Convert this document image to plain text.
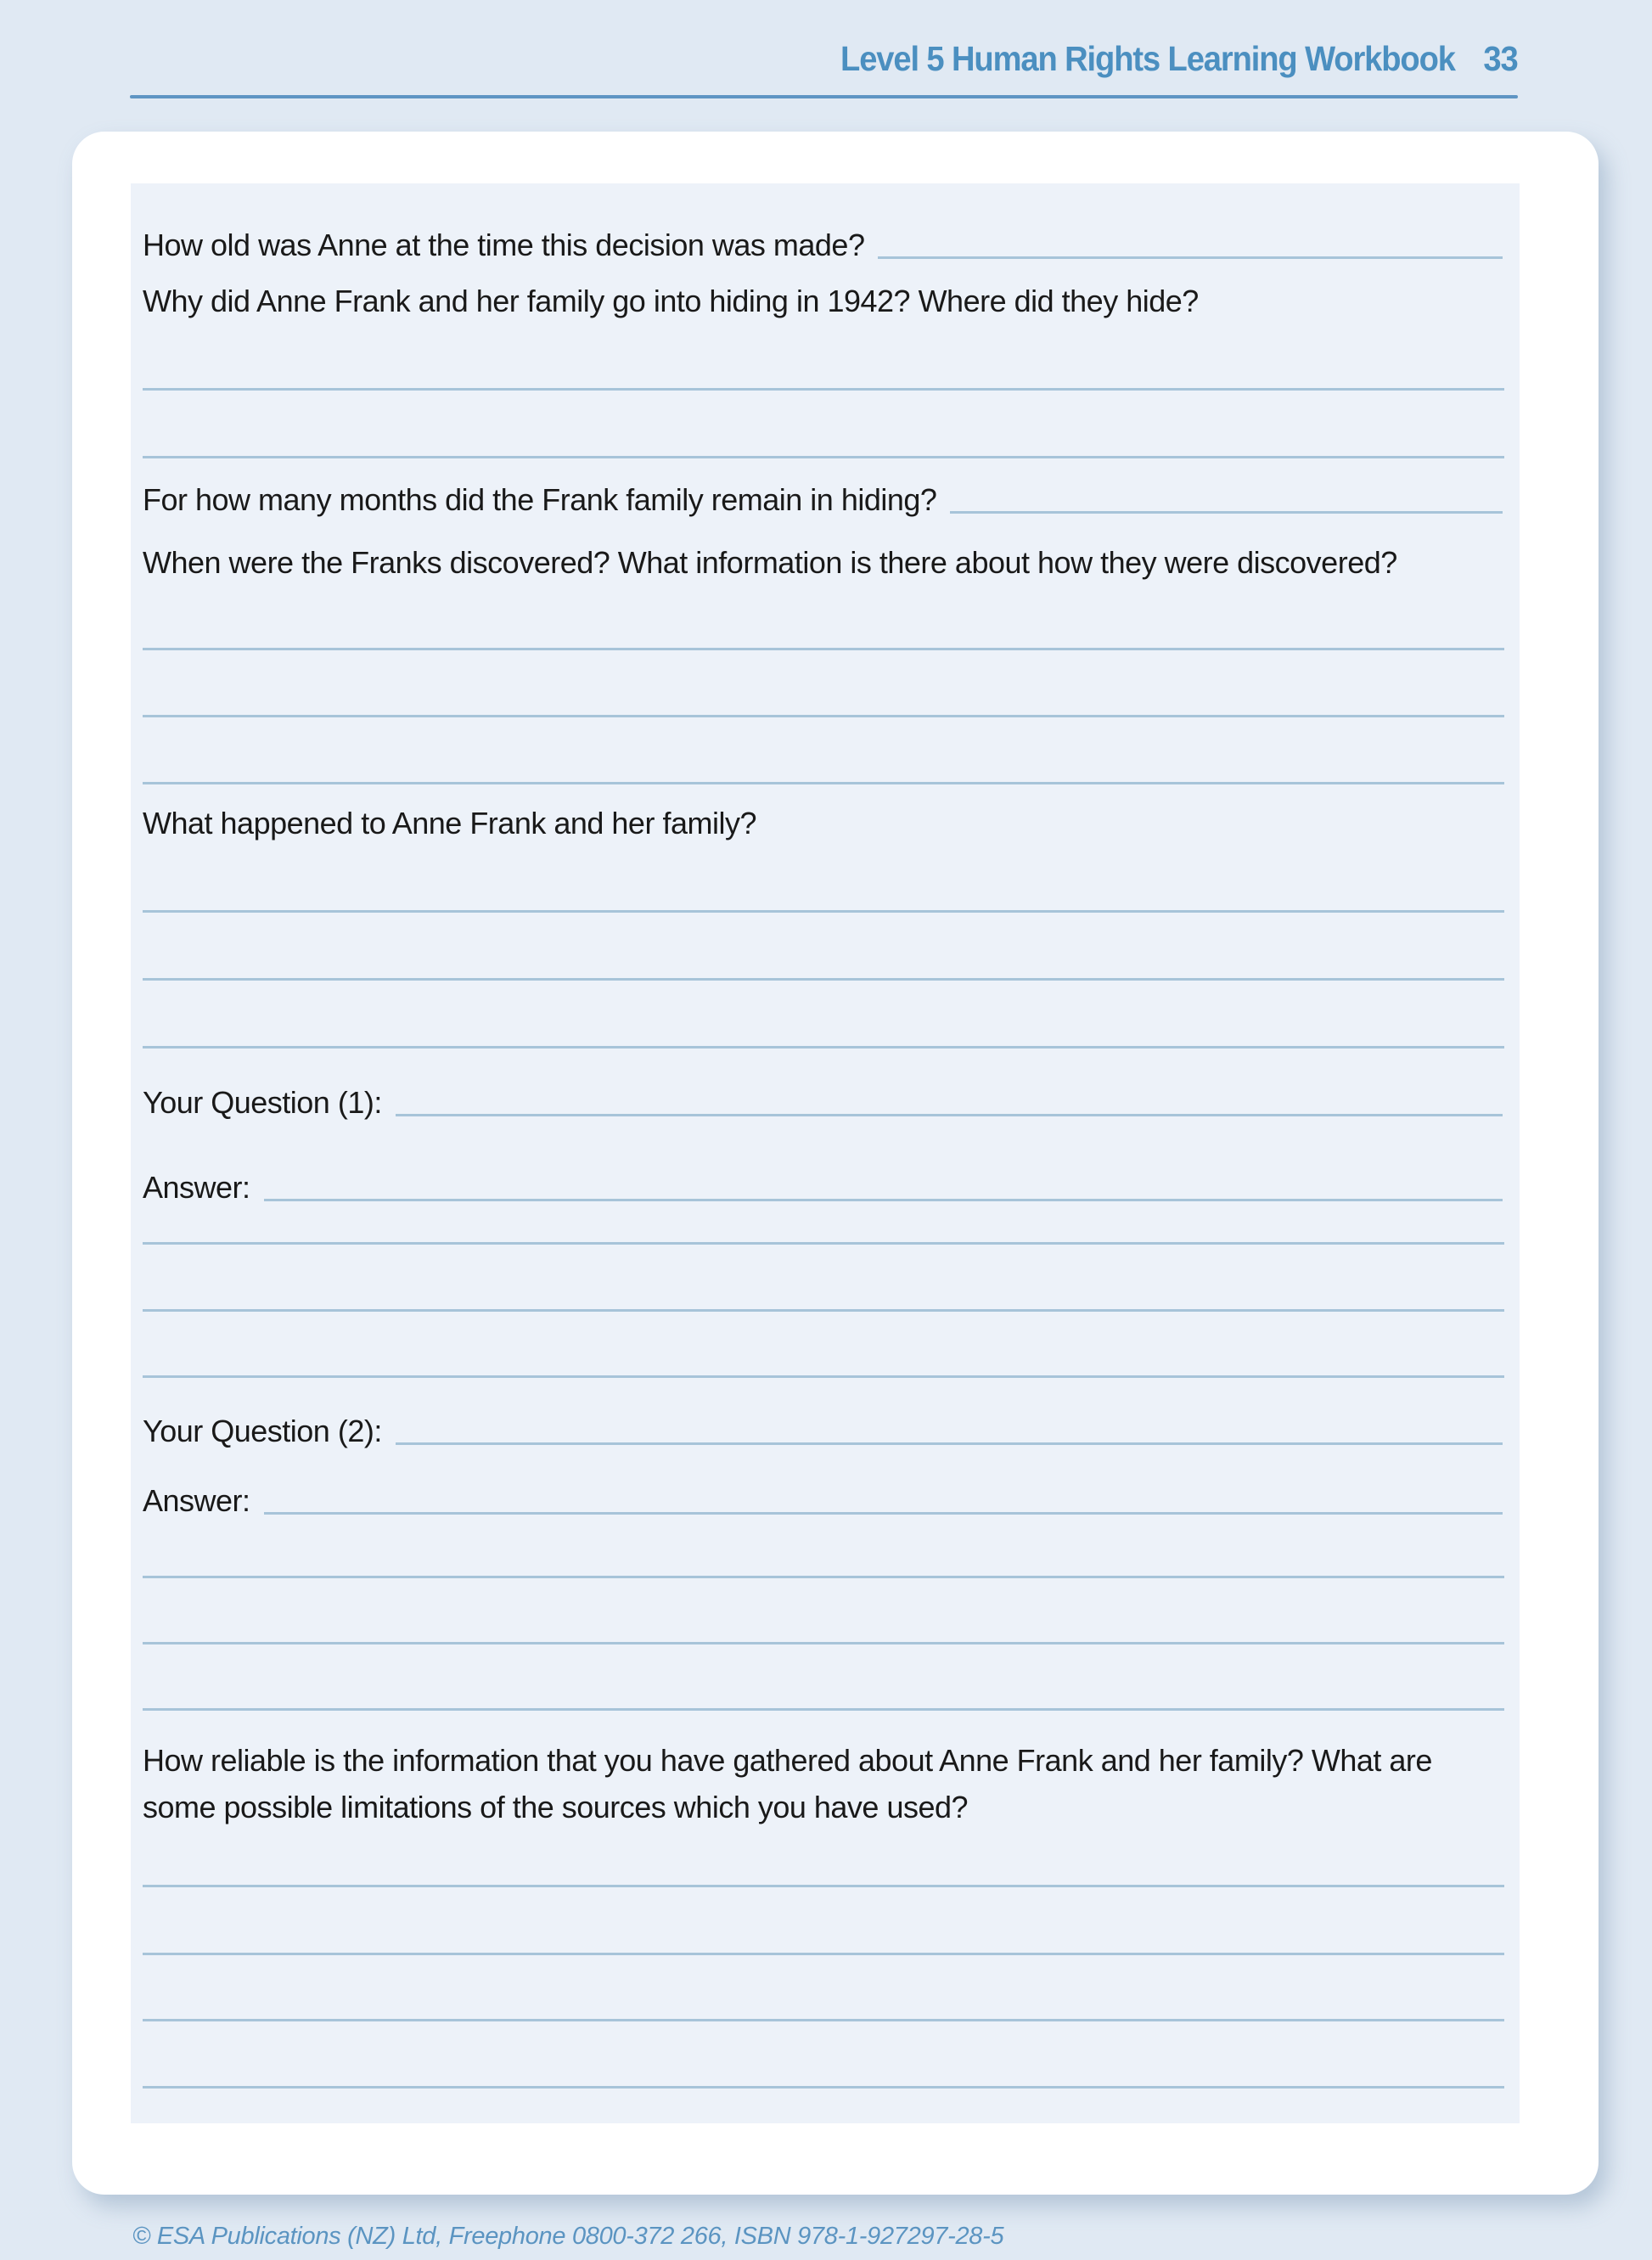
Level 5 Human Rights Learning Workbook 33
How old was Anne at the time this decision was made?
Why did Anne Frank and her family go into hiding in 1942? Where did they hide?
For how many months did the Frank family remain in hiding?
When were the Franks discovered? What information is there about how they were discovered?
What happened to Anne Frank and her family?
Your Question (1):
Answer:
Your Question (2):
Answer:
How reliable is the information that you have gathered about Anne Frank and her family? What are some possible limitations of the sources which you have used?
© ESA Publications (NZ) Ltd, Freephone 0800-372 266, ISBN 978-1-927297-28-5
